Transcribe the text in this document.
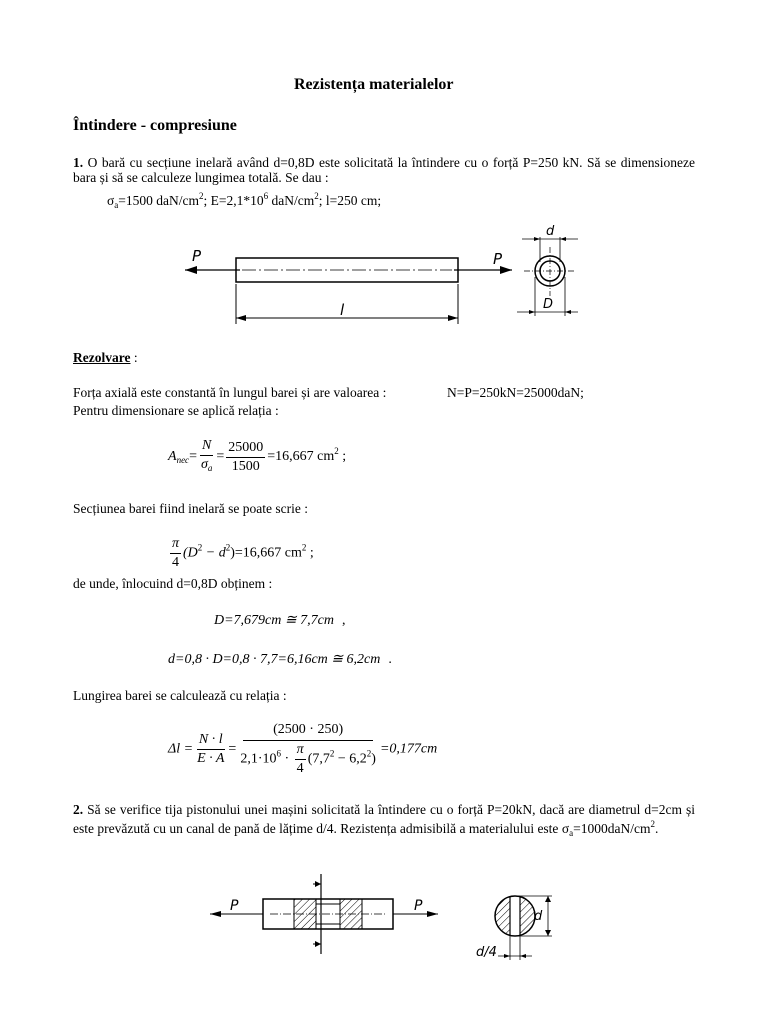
Rezistența materialelor
Întindere - compresiune
1. O bară cu secțiune inelară având d=0,8D este solicitată la întindere cu o forță P=250 kN. Să se dimensioneze bara și să se calculeze lungimea totală. Se dau :
$\sigma_a=1500$ daN/$cm^2$; $E=2,1*10^6$ daN/$cm^2$; l=250 cm;
P	P
l
d
D
Rezolvare :
Forța axială este constantă în lungul barei și are valoarea :	N=P=250kN=25000daN;
Pentru dimensionare se aplică relația :
$A_{nec}= \frac{N}{\sigma_a} = \frac{25000}{1500} =16,667$ $cm^2$ ;
Secțiunea barei fiind inelară se poate scrie :
$\frac{\pi}{4} (D^2 - d^2)=16,667$ $cm^2$ ;
de unde, înlocuind d=0,8D obținem :
D=7,679cm ≅ 7,7cm ,
d=0,8 · D=0,8 · 7,7=6,16cm ≅ 6,2cm .
Lungirea barei se calculează cu relația :
$\Delta l = \frac{N \cdot l}{E \cdot A} = \frac{(2500 \cdot 250)}{2,1\cdot 10^6 \cdot \frac{\pi}{4} (7,7^2 - 6,2^2)} =0,177cm$
2. Să se verifice tija pistonului unei mașini solicitată la întindere cu o forță P=20kN, dacă are diametrul d=2cm și este prevăzută cu un canal de pană de lățime d/4. Rezistența admisibilă a materialului este $\sigma_a=1000daN/cm^2$.
P	P
d
d/4
